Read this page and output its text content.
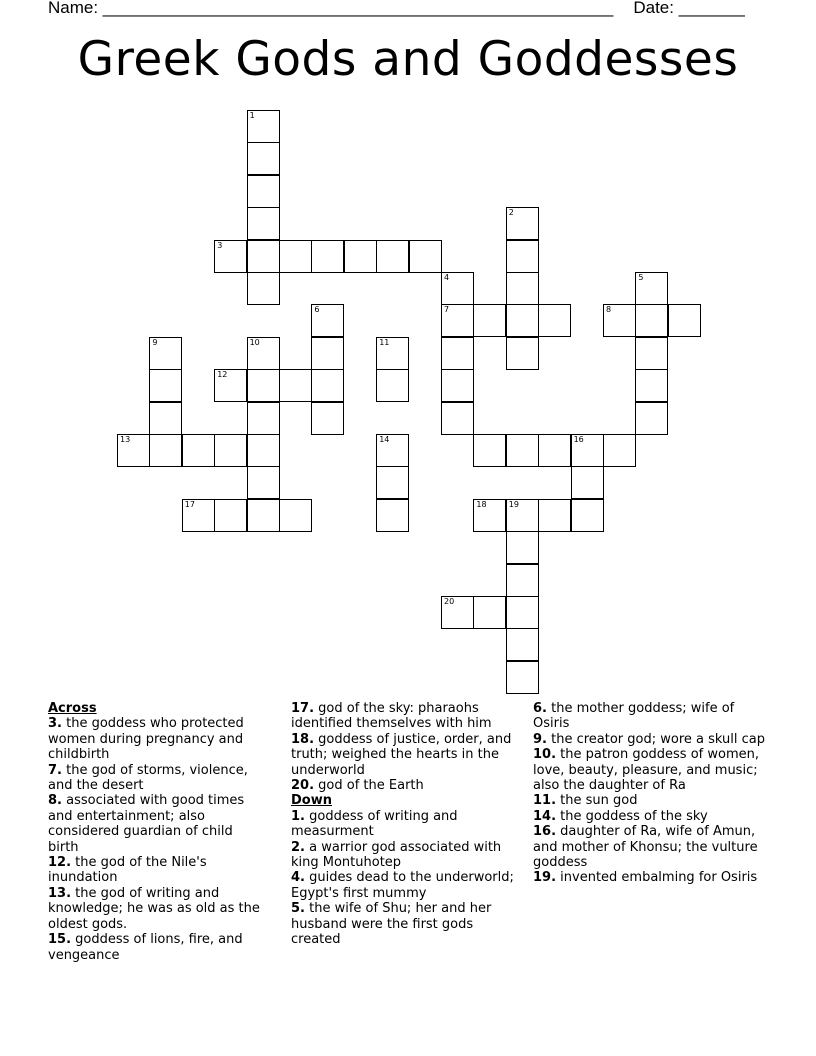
Name: ______________________________________________________ Date: _______
Greek Gods and Goddesses
1
3
2
7
4	5
8
6
9	10
12
11
13	14	16
17	18	19
20
Across
3. the goddess who protected women during pregnancy and childbirth
7. the god of storms, violence, and the desert
8. associated with good times and entertainment; also considered guardian of child birth
12. the god of the Nile's inundation
13. the god of writing and knowledge; he was as old as the oldest gods.
15. goddess of lions, fire, and vengeance
17. god of the sky: pharaohs identified themselves with him
18. goddess of justice, order, and truth; weighed the hearts in the underworld
20. god of the Earth
Down
1. goddess of writing and measurment
2. a warrior god associated with king Montuhotep
4. guides dead to the underworld; Egypt's first mummy
5. the wife of Shu; her and her husband were the first gods created
6. the mother goddess; wife of Osiris
9. the creator god; wore a skull cap
10. the patron goddess of women, love, beauty, pleasure, and music; also the daughter of Ra
11. the sun god
14. the goddess of the sky
16. daughter of Ra, wife of Amun, and mother of Khonsu; the vulture goddess
19. invented embalming for Osiris
